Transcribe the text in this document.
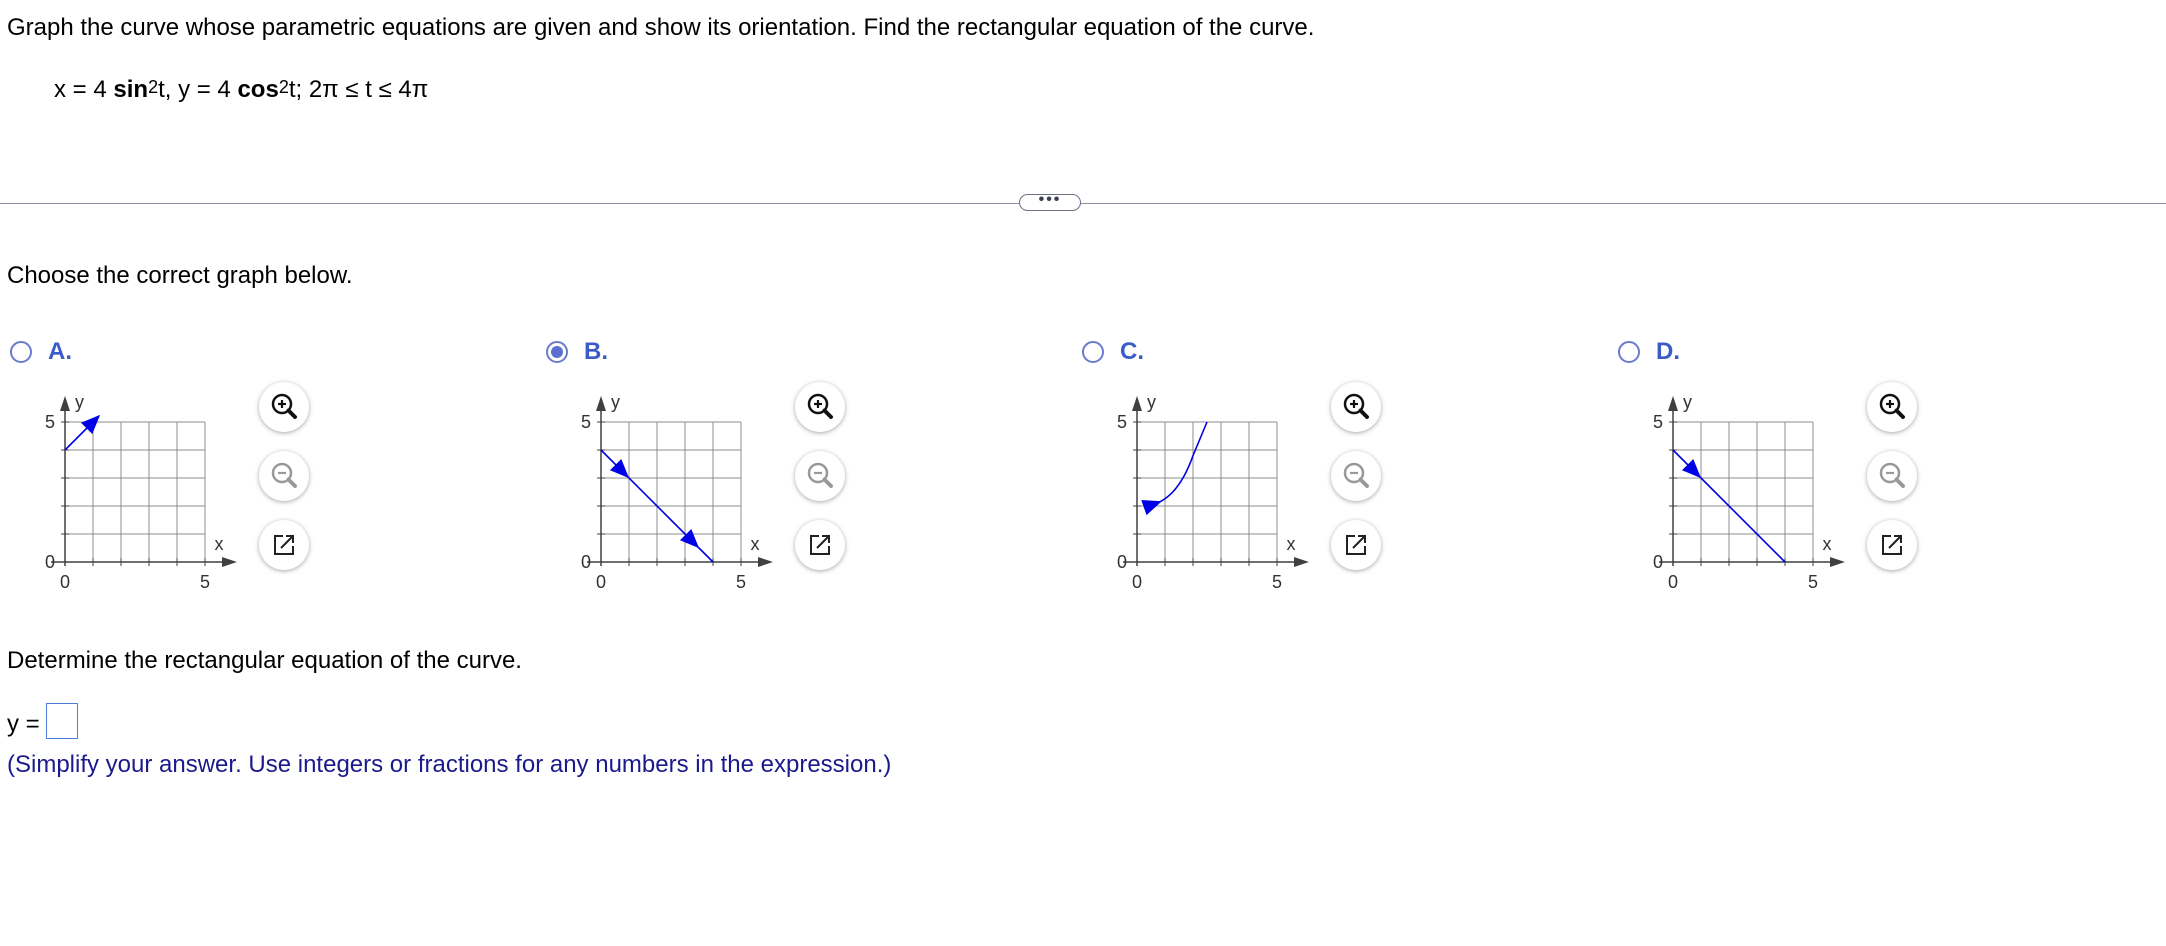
Graph the curve whose parametric equations are given and show its orientation. Find the rectangular equation of the curve.
x = 4 $\sin^2t$, y = 4 $\cos^2t$; 2π ≤ t ≤ 4π
•••
Choose the correct graph below.
A.
y
x
5
0
0	5
B.
y
x
5
0
0	5
C.
y
x
5
0
0	5
D.
y
x
5
0
0	5
Determine the rectangular equation of the curve.
y =
(Simplify your answer. Use integers or fractions for any numbers in the expression.)
